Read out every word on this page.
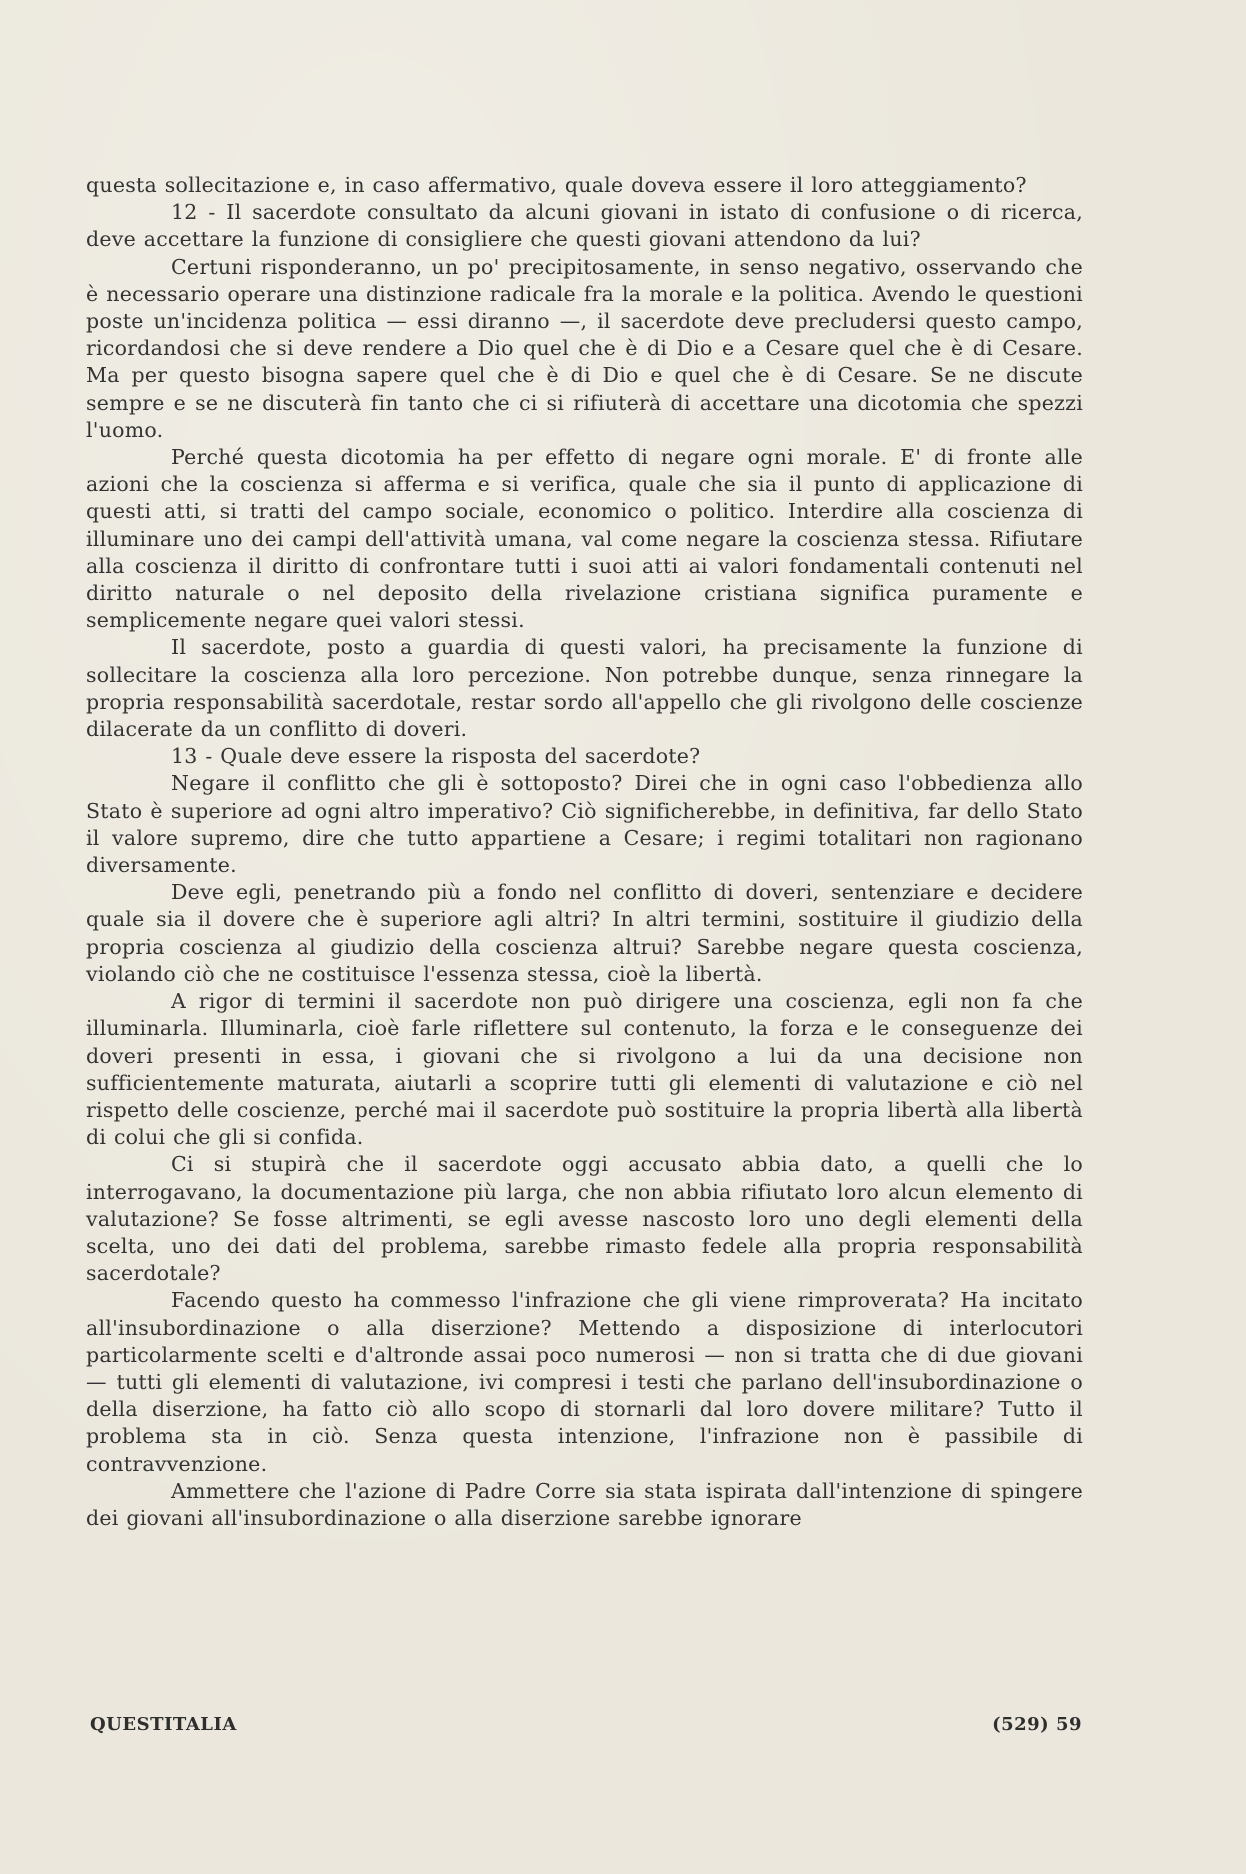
questa sollecitazione e, in caso affermativo, quale doveva essere il loro atteggiamento?

12 - Il sacerdote consultato da alcuni giovani in istato di confusione o di ricerca, deve accettare la funzione di consigliere che questi giovani attendono da lui?

Certuni risponderanno, un po' precipitosamente, in senso negativo, osservando che è necessario operare una distinzione radicale fra la morale e la politica. Avendo le questioni poste un'incidenza politica — essi diranno —, il sacerdote deve precludersi questo campo, ricordandosi che si deve rendere a Dio quel che è di Dio e a Cesare quel che è di Cesare. Ma per questo bisogna sapere quel che è di Dio e quel che è di Cesare. Se ne discute sempre e se ne discuterà fin tanto che ci si rifiuterà di accettare una dicotomia che spezzi l'uomo.

Perché questa dicotomia ha per effetto di negare ogni morale. E' di fronte alle azioni che la coscienza si afferma e si verifica, quale che sia il punto di applicazione di questi atti, si tratti del campo sociale, economico o politico. Interdire alla coscienza di illuminare uno dei campi dell'attività umana, val come negare la coscienza stessa. Rifiutare alla coscienza il diritto di confrontare tutti i suoi atti ai valori fondamentali contenuti nel diritto naturale o nel deposito della rivelazione cristiana significa puramente e semplicemente negare quei valori stessi.

Il sacerdote, posto a guardia di questi valori, ha precisamente la funzione di sollecitare la coscienza alla loro percezione. Non potrebbe dunque, senza rinnegare la propria responsabilità sacerdotale, restar sordo all'appello che gli rivolgono delle coscienze dilacerate da un conflitto di doveri.

13 - Quale deve essere la risposta del sacerdote?

Negare il conflitto che gli è sottoposto? Direi che in ogni caso l'obbedienza allo Stato è superiore ad ogni altro imperativo? Ciò significherebbe, in definitiva, far dello Stato il valore supremo, dire che tutto appartiene a Cesare; i regimi totalitari non ragionano diversamente.

Deve egli, penetrando più a fondo nel conflitto di doveri, sentenziare e decidere quale sia il dovere che è superiore agli altri? In altri termini, sostituire il giudizio della propria coscienza al giudizio della coscienza altrui? Sarebbe negare questa coscienza, violando ciò che ne costituisce l'essenza stessa, cioè la libertà.

A rigor di termini il sacerdote non può dirigere una coscienza, egli non fa che illuminarla. Illuminarla, cioè farle riflettere sul contenuto, la forza e le conseguenze dei doveri presenti in essa, i giovani che si rivolgono a lui da una decisione non sufficientemente maturata, aiutarli a scoprire tutti gli elementi di valutazione e ciò nel rispetto delle coscienze, perché mai il sacerdote può sostituire la propria libertà alla libertà di colui che gli si confida.

Ci si stupirà che il sacerdote oggi accusato abbia dato, a quelli che lo interrogavano, la documentazione più larga, che non abbia rifiutato loro alcun elemento di valutazione? Se fosse altrimenti, se egli avesse nascosto loro uno degli elementi della scelta, uno dei dati del problema, sarebbe rimasto fedele alla propria responsabilità sacerdotale?

Facendo questo ha commesso l'infrazione che gli viene rimproverata? Ha incitato all'insubordinazione o alla diserzione? Mettendo a disposizione di interlocutori particolarmente scelti e d'altronde assai poco numerosi — non si tratta che di due giovani — tutti gli elementi di valutazione, ivi compresi i testi che parlano dell'insubordinazione o della diserzione, ha fatto ciò allo scopo di stornarli dal loro dovere militare? Tutto il problema sta in ciò. Senza questa intenzione, l'infrazione non è passibile di contravvenzione.

Ammettere che l'azione di Padre Corre sia stata ispirata dall'intenzione di spingere dei giovani all'insubordinazione o alla diserzione sarebbe ignorare

QUESTITALIA	(529) 59
